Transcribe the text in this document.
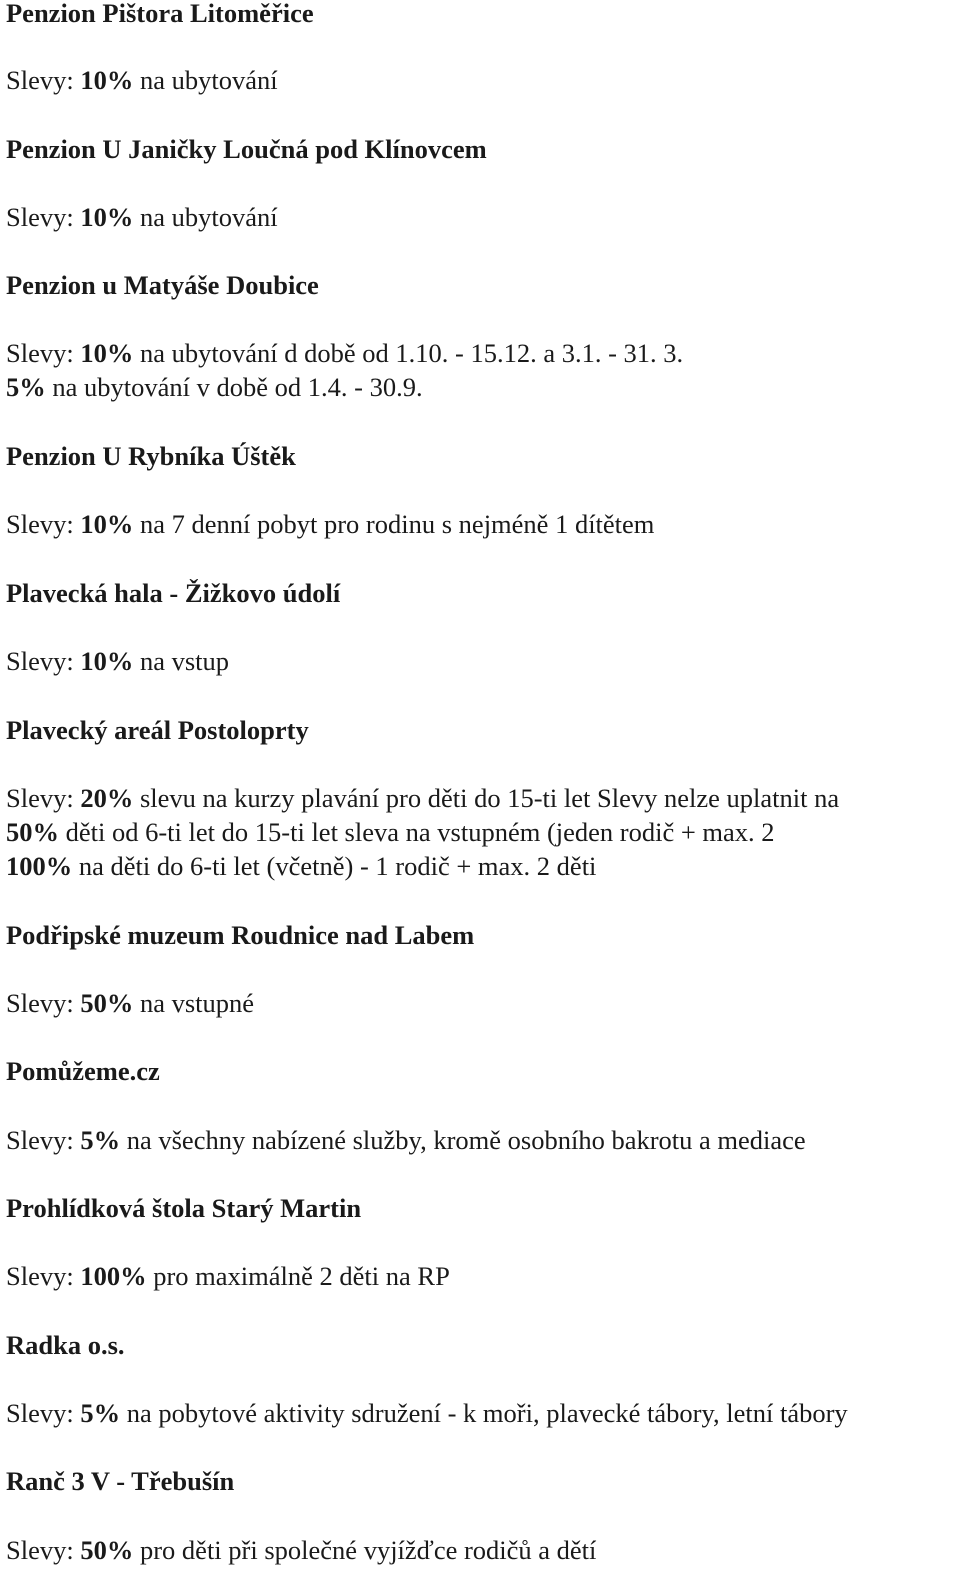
Penzion Pištora Litoměřice
Slevy: 10% na ubytování
Penzion U Janičky Loučná pod Klínovcem
Slevy: 10% na ubytování
Penzion u Matyáše Doubice
Slevy: 10% na ubytování d době od 1.10. - 15.12. a 3.1. - 31. 3.
5% na ubytování v době od 1.4. - 30.9.
Penzion U Rybníka Úštěk
Slevy: 10% na 7 denní pobyt pro rodinu s nejméně 1 dítětem
Plavecká hala - Žižkovo údolí
Slevy: 10% na vstup
Plavecký areál Postoloprty
Slevy: 20% slevu na kurzy plavání pro děti do 15-ti let Slevy nelze uplatnit na
50% děti od 6-ti let do 15-ti let sleva na vstupném (jeden rodič + max. 2
100% na děti do 6-ti let (včetně) - 1 rodič + max. 2 děti
Podřipské muzeum Roudnice nad Labem
Slevy: 50% na vstupné
Pomůžeme.cz
Slevy: 5% na všechny nabízené služby, kromě osobního bakrotu a mediace
Prohlídková štola Starý Martin
Slevy: 100% pro maximálně 2 děti na RP
Radka o.s.
Slevy: 5% na pobytové aktivity sdružení - k moři, plavecké tábory, letní tábory
Ranč 3 V - Třebušín
Slevy: 50% pro děti při společné vyjížďce rodičů a dětí
